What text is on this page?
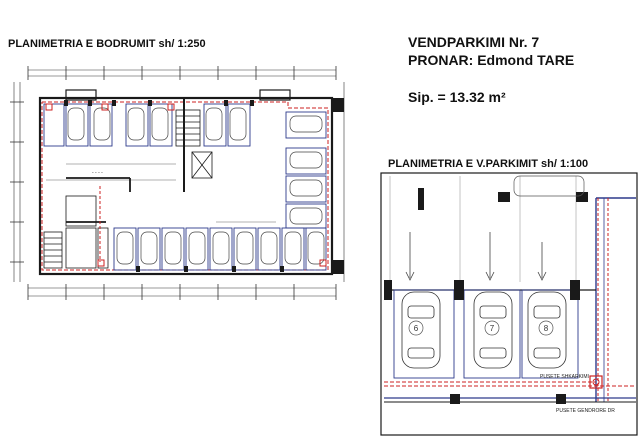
PLANIMETRIA E BODRUMIT sh/ 1:250	VENDPARKIMI Nr. 7
PRONAR: Edmond TARE
Sip. = 13.32 m²
PLANIMETRIA E V.PARKIMIT sh/ 1:100
- - - -
6	7	8
PUSETE SHKARKIMI
PUSETE GENDRORE DR
